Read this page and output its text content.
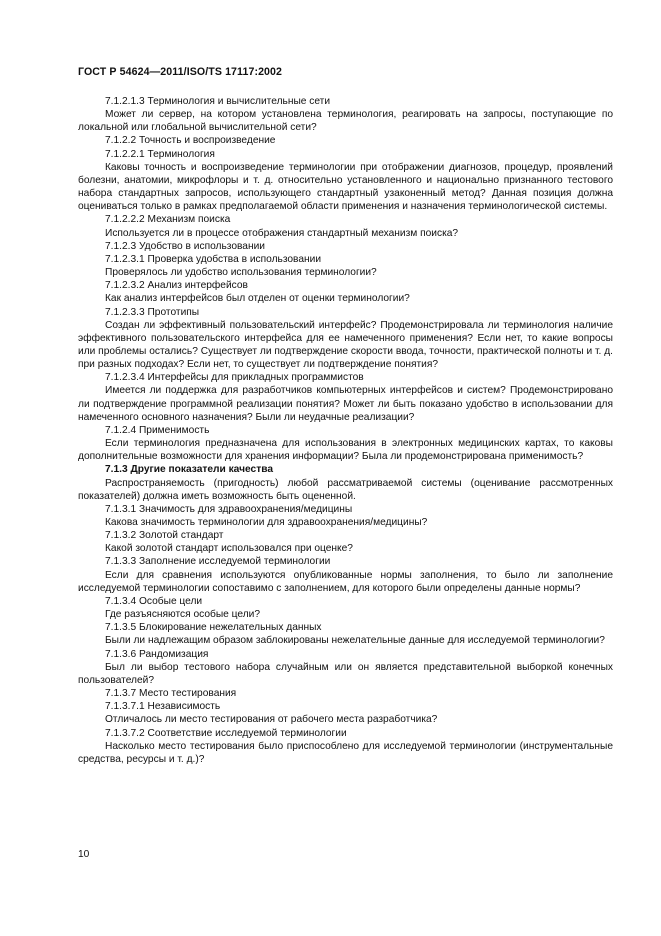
ГОСТ Р 54624—2011/ISO/TS 17117:2002

7.1.2.1.3 Терминология и вычислительные сети

Может ли сервер, на котором установлена терминология, реагировать на запросы, поступающие по локальной или глобальной вычислительной сети?

7.1.2.2 Точность и воспроизведение

7.1.2.2.1 Терминология

Каковы точность и воспроизведение терминологии при отображении диагнозов, процедур, проявлений болезни, анатомии, микрофлоры и т. д. относительно установленного и национально признанного тестового набора стандартных запросов, использующего стандартный узаконенный метод? Данная позиция должна оцениваться только в рамках предполагаемой области применения и назначения терминологической системы.

7.1.2.2.2 Механизм поиска

Используется ли в процессе отображения стандартный механизм поиска?

7.1.2.3 Удобство в использовании

7.1.2.3.1 Проверка удобства в использовании

Проверялось ли удобство использования терминологии?

7.1.2.3.2 Анализ интерфейсов

Как анализ интерфейсов был отделен от оценки терминологии?

7.1.2.3.3 Прототипы

Создан ли эффективный пользовательский интерфейс? Продемонстрировала ли терминология наличие эффективного пользовательского интерфейса для ее намеченного применения? Если нет, то какие вопросы или проблемы остались? Существует ли подтверждение скорости ввода, точности, практической полноты и т. д. при разных подходах? Если нет, то существует ли подтверждение понятия?

7.1.2.3.4 Интерфейсы для прикладных программистов

Имеется ли поддержка для разработчиков компьютерных интерфейсов и систем? Продемонстрировано ли подтверждение программной реализации понятия? Может ли быть показано удобство в использовании для намеченного основного назначения? Были ли неудачные реализации?

7.1.2.4 Применимость

Если терминология предназначена для использования в электронных медицинских картах, то каковы дополнительные возможности для хранения информации? Была ли продемонстрирована применимость?

7.1.3 Другие показатели качества

Распространяемость (пригодность) любой рассматриваемой системы (оценивание рассмотренных показателей) должна иметь возможность быть оцененной.

7.1.3.1 Значимость для здравоохранения/медицины

Какова значимость терминологии для здравоохранения/медицины?

7.1.3.2 Золотой стандарт

Какой золотой стандарт использовался при оценке?

7.1.3.3 Заполнение исследуемой терминологии

Если для сравнения используются опубликованные нормы заполнения, то было ли заполнение исследуемой терминологии сопоставимо с заполнением, для которого были определены данные нормы?

7.1.3.4 Особые цели

Где разъясняются особые цели?

7.1.3.5 Блокирование нежелательных данных

Были ли надлежащим образом заблокированы нежелательные данные для исследуемой терминологии?

7.1.3.6 Рандомизация

Был ли выбор тестового набора случайным или он является представительной выборкой конечных пользователей?

7.1.3.7 Место тестирования

7.1.3.7.1 Независимость

Отличалось ли место тестирования от рабочего места разработчика?

7.1.3.7.2 Соответствие исследуемой терминологии

Насколько место тестирования было приспособлено для исследуемой терминологии (инструментальные средства, ресурсы и т. д.)?

10
